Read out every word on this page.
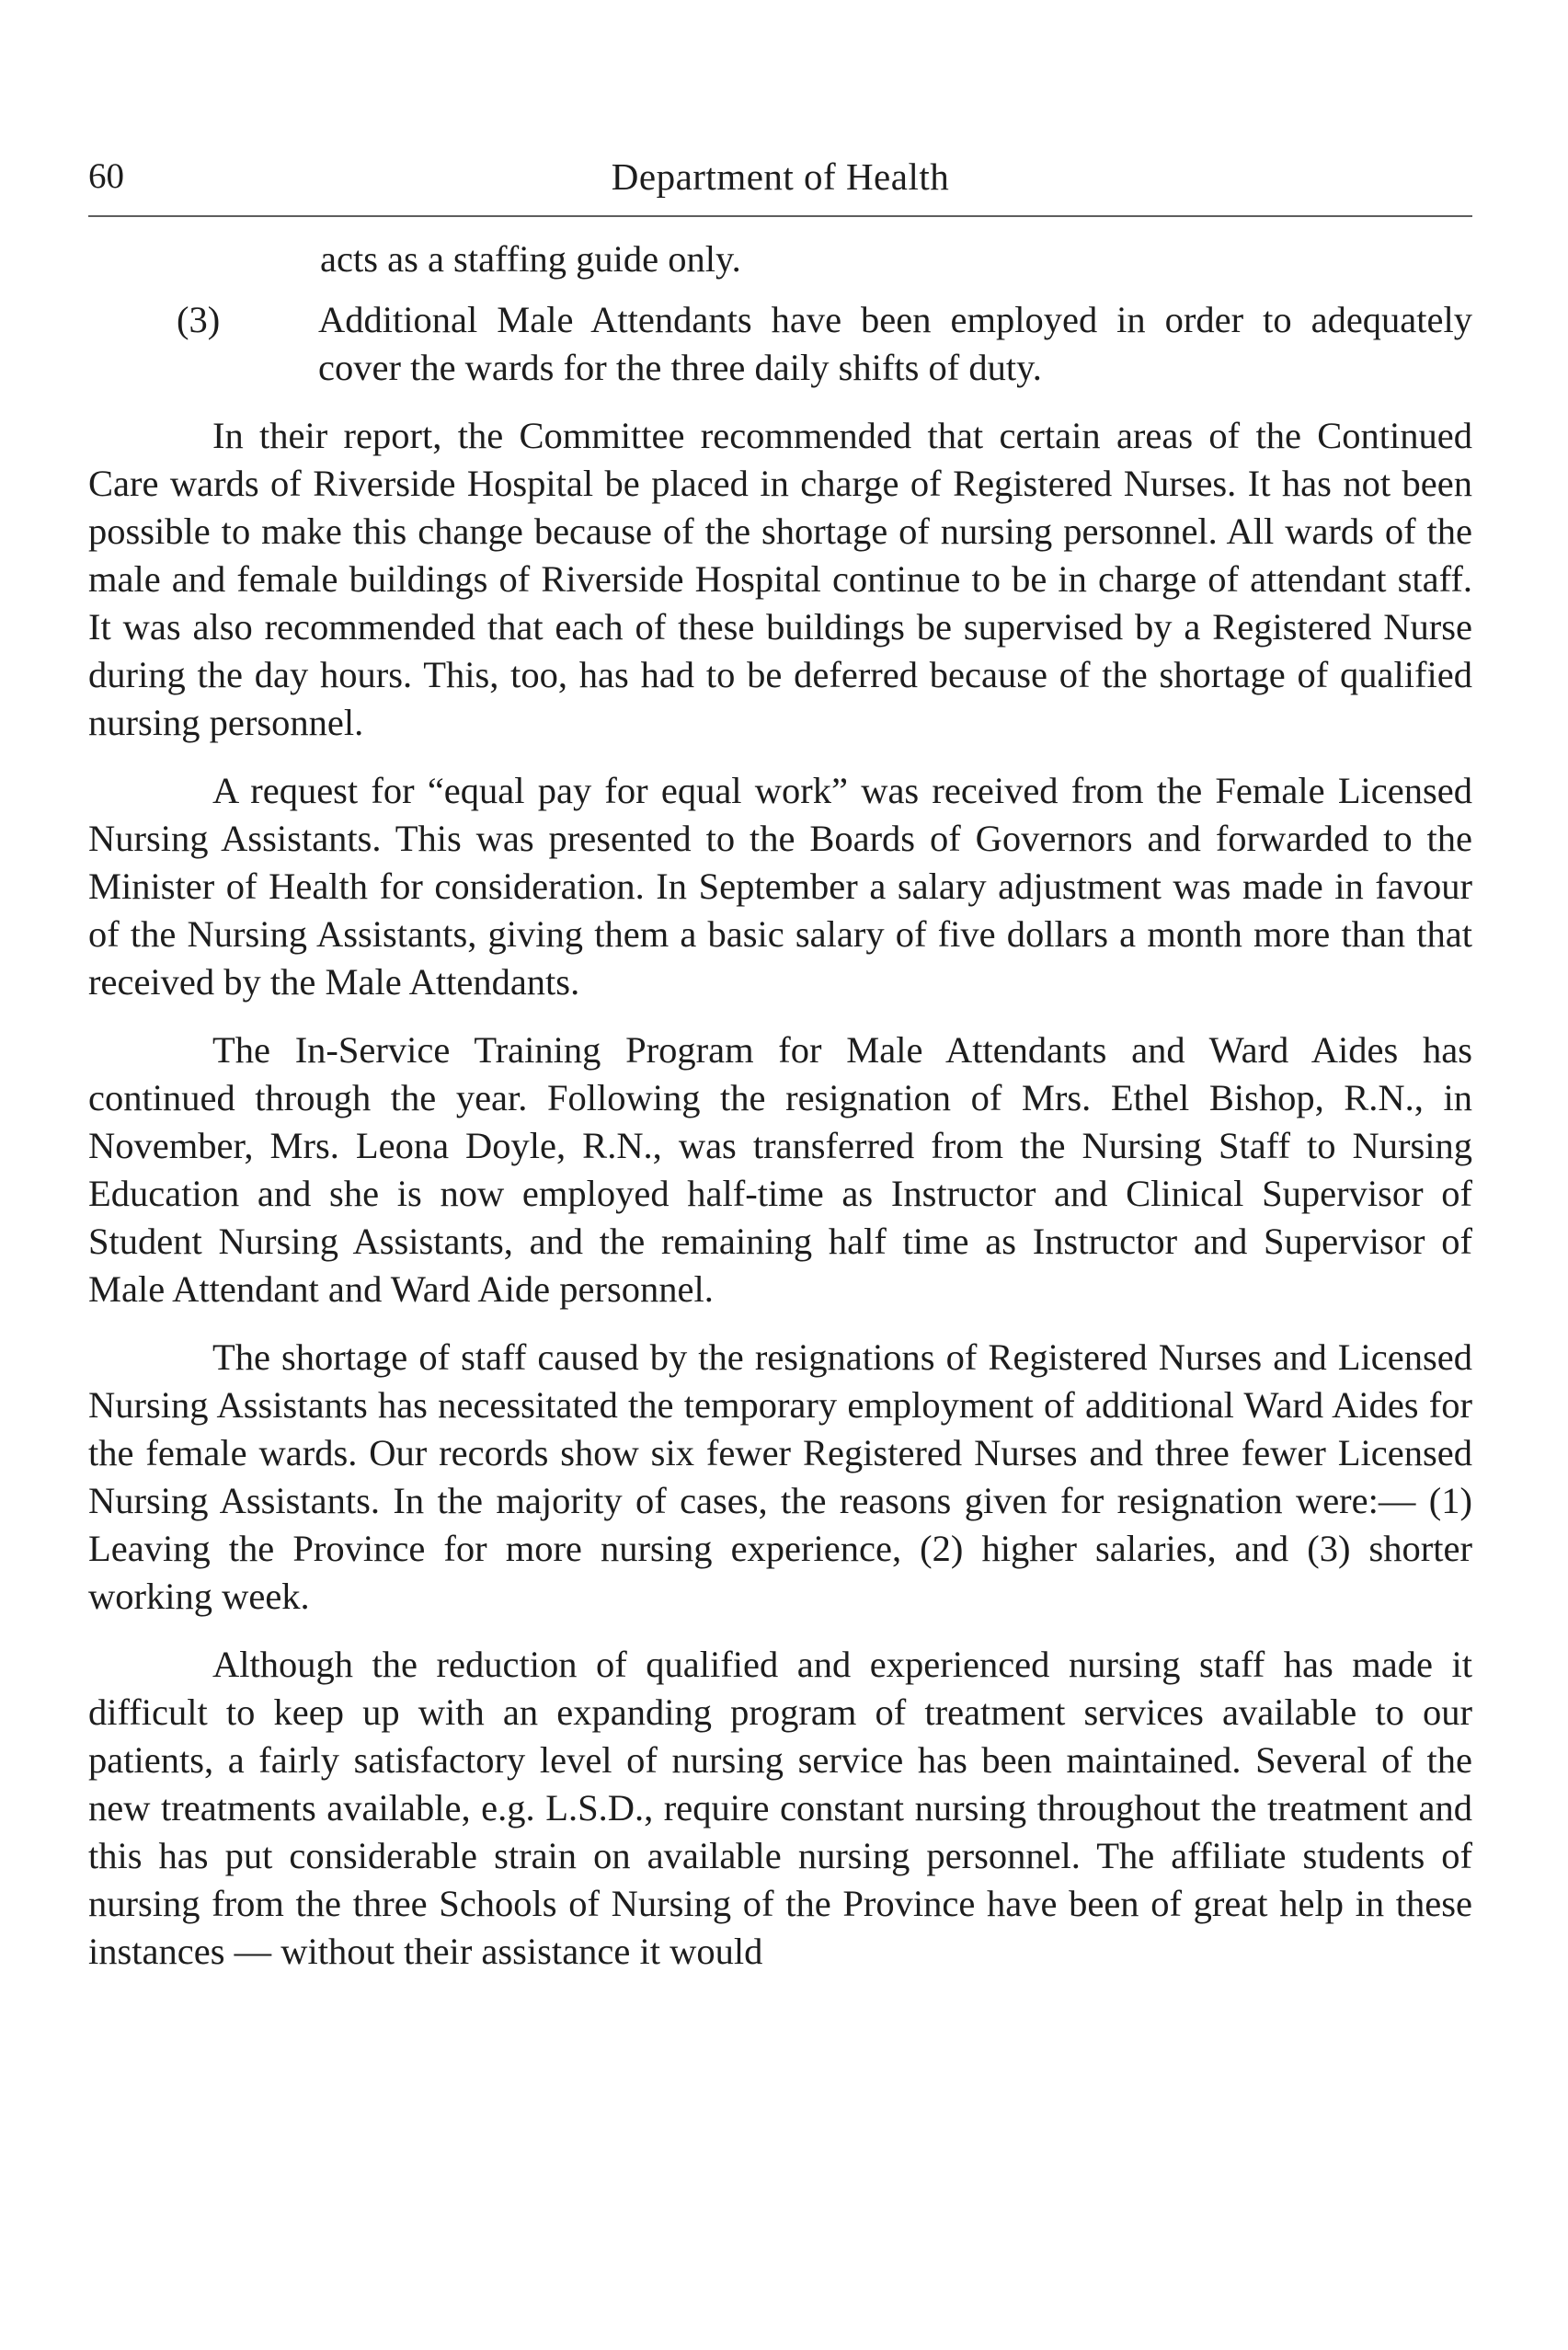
60	Department of Health

acts as a staffing guide only.

(3)	Additional Male Attendants have been employed in order to adequately cover the wards for the three daily shifts of duty.

In their report, the Committee recommended that certain areas of the Continued Care wards of Riverside Hospital be placed in charge of Registered Nurses. It has not been possible to make this change because of the shortage of nursing personnel. All wards of the male and female buildings of Riverside Hospital continue to be in charge of attendant staff. It was also recommended that each of these buildings be supervised by a Registered Nurse during the day hours. This, too, has had to be deferred because of the shortage of qualified nursing personnel.

A request for “equal pay for equal work” was received from the Female Licensed Nursing Assistants. This was presented to the Boards of Governors and forwarded to the Minister of Health for consideration. In September a salary adjustment was made in favour of the Nursing Assistants, giving them a basic salary of five dollars a month more than that received by the Male Attendants.

The In-Service Training Program for Male Attendants and Ward Aides has continued through the year. Following the resignation of Mrs. Ethel Bishop, R.N., in November, Mrs. Leona Doyle, R.N., was transferred from the Nursing Staff to Nursing Education and she is now employed half-time as Instructor and Clinical Supervisor of Student Nursing Assistants, and the remaining half time as Instructor and Supervisor of Male Attendant and Ward Aide personnel.

The shortage of staff caused by the resignations of Registered Nurses and Licensed Nursing Assistants has necessitated the temporary employment of additional Ward Aides for the female wards. Our records show six fewer Registered Nurses and three fewer Licensed Nursing Assistants. In the majority of cases, the reasons given for resignation were:— (1) Leaving the Province for more nursing experience, (2) higher salaries, and (3) shorter working week.

Although the reduction of qualified and experienced nursing staff has made it difficult to keep up with an expanding program of treatment services available to our patients, a fairly satisfactory level of nursing service has been maintained. Several of the new treatments available, e.g. L.S.D., require constant nursing throughout the treatment and this has put considerable strain on available nursing personnel. The affiliate students of nursing from the three Schools of Nursing of the Province have been of great help in these instances — without their assistance it would
